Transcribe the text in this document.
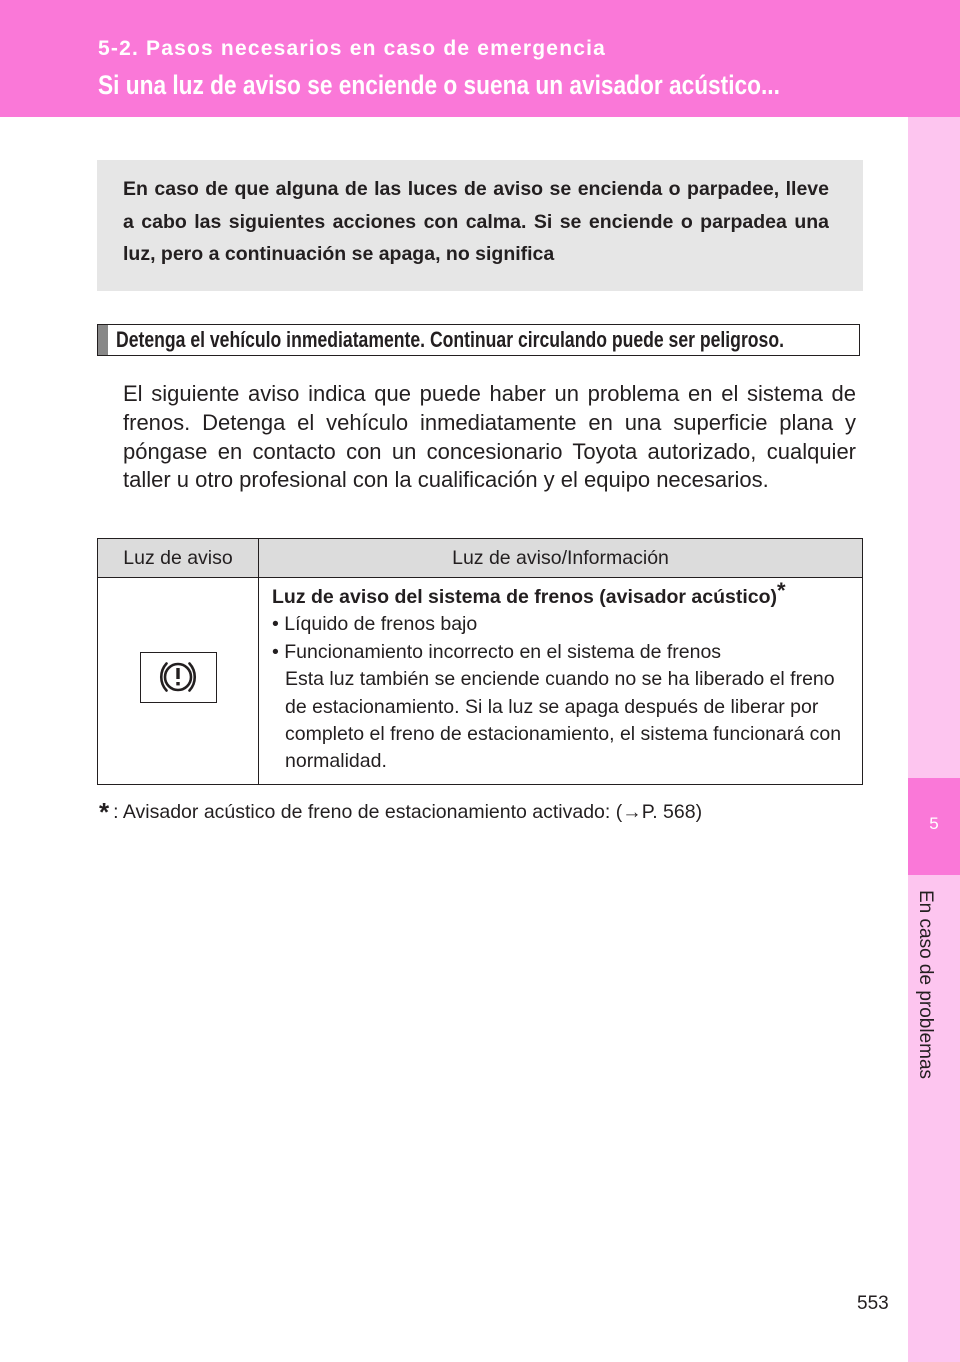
5-2. Pasos necesarios en caso de emergencia
Si una luz de aviso se enciende o suena un avisador acústico...
5
En caso de problemas
En caso de que alguna de las luces de aviso se encienda o parpadee, lleve a cabo las siguientes acciones con calma. Si se enciende o parpadea una luz, pero a continuación se apaga, no significa
Detenga el vehículo inmediatamente. Continuar circulando puede ser peligroso.
El siguiente aviso indica que puede haber un problema en el sistema de frenos. Detenga el vehículo inmediatamente en una superficie plana y póngase en contacto con un concesionario Toyota autorizado, cualquier taller u otro profesional con la cualificación y el equipo necesarios.
Luz de aviso	Luz de aviso/Información

Luz de aviso del sistema de frenos (avisador acústico)*
• Líquido de frenos bajo
• Funcionamiento incorrecto en el sistema de frenos
Esta luz también se enciende cuando no se ha liberado el freno de estacionamiento. Si la luz se apaga después de liberar por completo el freno de estacionamiento, el sistema funcionará con normalidad.
* : Avisador acústico de freno de estacionamiento activado: (→P. 568)
553
